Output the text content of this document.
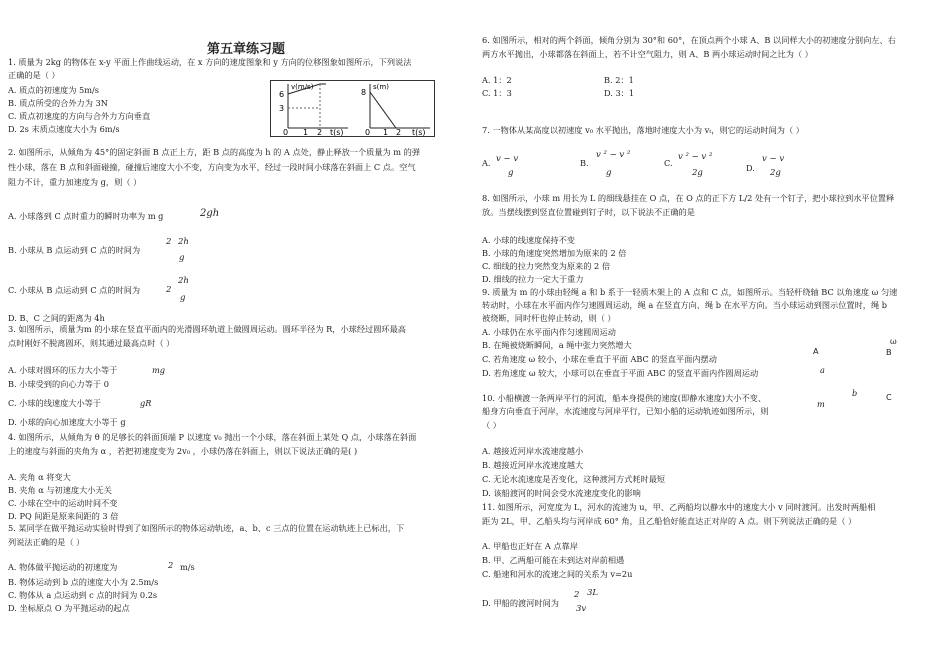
第五章练习题
1. 质量为 2kg 的物体在 x-y 平面上作曲线运动，在 x 方向的速度图象和 y 方向的位移图象如图所示，下列说法
正确的是（ ）
A. 质点的初速度为 5m/s
B. 质点所受的合外力为 3N
C. 质点初速度的方向与合外力方向垂直
D. 2s 末质点速度大小为 6m/s
v(m/s)
t(s)
6
3
0 1 2
s(m)
t(s)
8
0 1 2
2. 如图所示，从倾角为 45°的固定斜面 B 点正上方，距 B 点的高度为 h 的 A 点处，静止释放一个质量为 m 的弹
性小球，落在 B 点和斜面碰撞，碰撞后速度大小不变，方向变为水平，经过一段时间小球落在斜面上 C 点。空气
阻力不计，重力加速度为 g，则（ ）
A. 小球落到 C 点时重力的瞬时功率为 m g	2gh
B. 小球从 B 点运动到 C 点的时间为
2 2h
g
C. 小球从 B 点运动到 C 点的时间为	2
2h
g
D. B、C 之间的距离为 4h
3. 如图所示，质量为m 的小球在竖直平面内的光滑圆环轨道上做圆周运动。圆环半径为 R，小球经过圆环最高
点时刚好不脱离圆环，则其通过最高点时（ ）
A. 小球对圆环的压力大小等于	mg
B. 小球受到的向心力等于 0
C. 小球的线速度大小等于	gR
D. 小球的向心加速度大小等于 g
4. 如图所示，从倾角为 θ 的足够长的斜面顶端 P 以速度 v₀ 抛出一个小球，落在斜面上某处 Q 点，小球落在斜面
上的速度与斜面的夹角为 α ，若把初速度变为 2v₀ ，小球仍落在斜面上，则以下说法正确的是( )
A. 夹角 α 将变大
B. 夹角 α 与初速度大小无关
C. 小球在空中的运动时间不变
D. PQ 间距是原来间距的 3 倍
5. 某同学在做平抛运动实验时得到了如图所示的物体运动轨迹，a、b、c 三点的位置在运动轨迹上已标出，下
列说法正确的是（ ）
A. 物体做平抛运动的初速度为	2 m/s
B. 物体运动到 b 点的速度大小为 2.5m/s
C. 物体从 a 点运动到 c 点的时间为 0.2s
D. 坐标原点 O 为平抛运动的起点
6. 如图所示，相对的两个斜面，倾角分别为 30°和 60°，在顶点两个小球 A、B 以同样大小的初速度分别向左、右
两方水平抛出，小球都落在斜面上，若不计空气阻力，则 A、B 两小球运动时间之比为（ ）
A. 1：2	B. 2：1
C. 1：3	D. 3：1
7. 一物体从某高度以初速度 v₀ 水平抛出，落地时速度大小为 vₜ，则它的运动时间为（ ）
A. v − v
g
B.
v ² − v ²
g
C.
v ² − v ²
2g	D.
v − v
2g
8. 如图所示，小球 m 用长为 L 的细线悬挂在 O 点，在 O 点的正下方 L/2 处有一个钉子，把小球拉到水平位置释
放。当摆线摆到竖直位置碰到钉子时，以下说法不正确的是
A. 小球的线速度保持不变
B. 小球的角速度突然增加为原来的 2 倍
C. 细线的拉力突然变为原来的 2 倍
D. 细线的拉力一定大于重力
9. 质量为 m 的小球由轻绳 a 和 b 系于一轻质木架上的 A 点和 C 点，如图所示。当轻杆绕轴 BC 以角速度 ω 匀速
转动时，小球在水平面内作匀速圆周运动，绳 a 在竖直方向、绳 b 在水平方向。当小球运动到图示位置时，绳 b
被烧断，同时杆也停止转动，则（ ）
A. 小球仍在水平面内作匀速圆周运动
B. 在绳被烧断瞬间，a 绳中张力突然增大
C. 若角速度 ω 较小，小球在垂直于平面 ABC 的竖直平面内摆动
D. 若角速度 ω 较大，小球可以在垂直于平面 ABC 的竖直平面内作圆周运动
ω
A	B
a
b	C
m
10. 小船横渡一条两岸平行的河流，船本身提供的速度(即静水速度)大小不变、
船身方向垂直于河岸，水流速度与河岸平行，已知小船的运动轨迹如图所示，则
（ ）
A. 越接近河岸水流速度越小
B. 越接近河岸水流速度越大
C. 无论水流速度是否变化，这种渡河方式耗时最短
D. 该船渡河的时间会受水流速度变化的影响
11. 如图所示，河宽度为 L，河水的流速为 u，甲、乙两船均以静水中的速度大小 v 同时渡河。出发时两船相
距为 2L，甲、乙船头均与河岸成 60° 角，且乙船恰好能直达正对岸的 A 点。则下列说法正确的是（ ）
A. 甲船也正好在 A 点靠岸
B. 甲、乙两船可能在未到达对岸前相遇
C. 船速和河水的流速之间的关系为 v=2u
D. 甲船的渡河时间为
2 3L
3v
